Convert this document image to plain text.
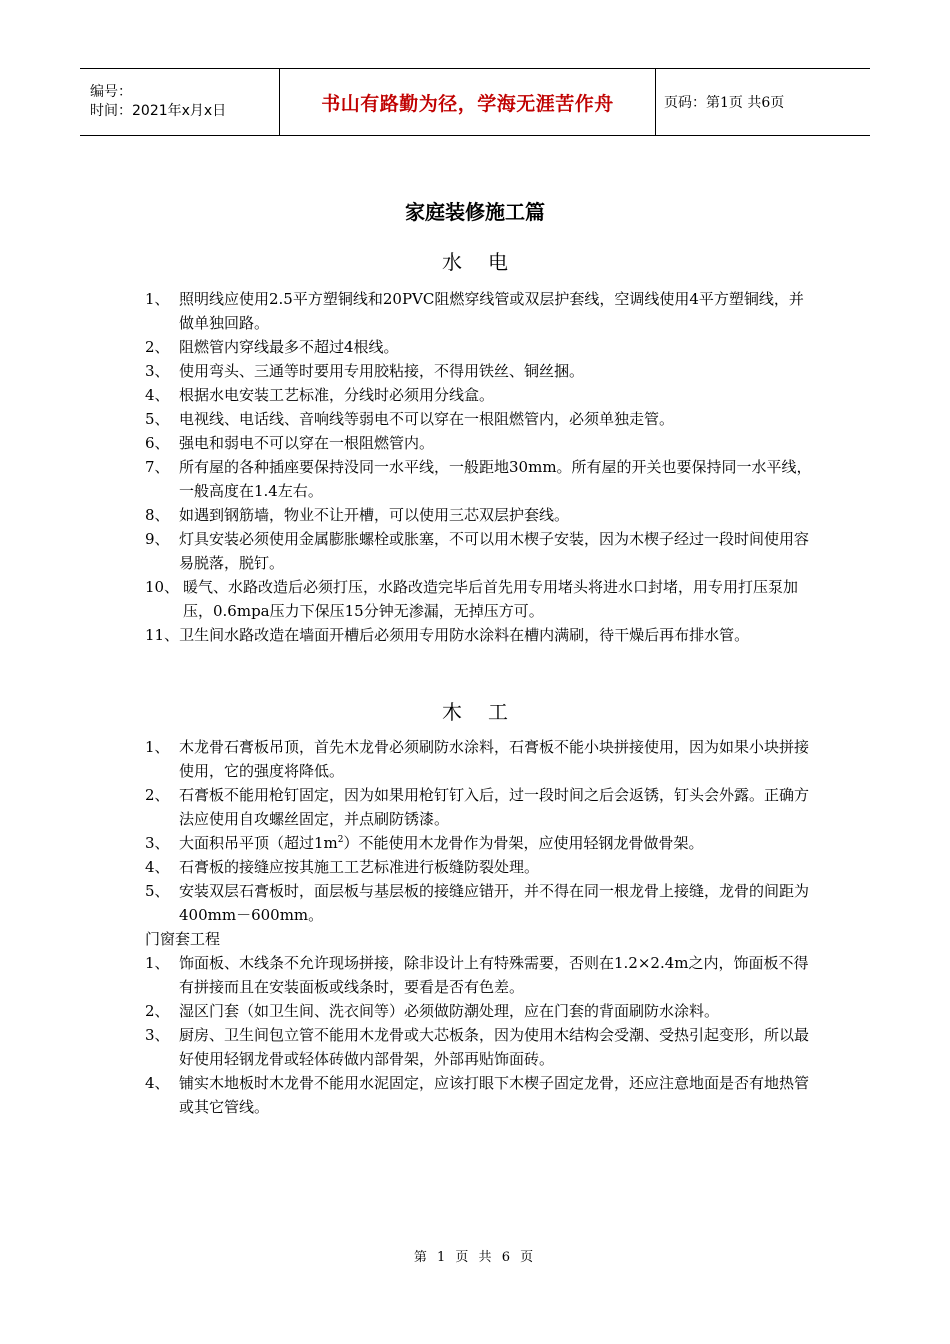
编号：
时间：2021年x月x日	书山有路勤为径，学海无涯苦作舟	页码：第1页 共6页
家庭装修施工篇
水电
1、 照明线应使用2.5平方塑铜线和20PVC阻燃穿线管或双层护套线，空调线使用4平方塑铜线，并做单独回路。
2、 阻燃管内穿线最多不超过4根线。
3、 使用弯头、三通等时要用专用胶粘接，不得用铁丝、铜丝捆。
4、 根据水电安装工艺标准，分线时必须用分线盒。
5、 电视线、电话线、音响线等弱电不可以穿在一根阻燃管内，必须单独走管。
6、 强电和弱电不可以穿在一根阻燃管内。
7、 所有屋的各种插座要保持没同一水平线，一般距地30mm。所有屋的开关也要保持同一水平线，一般高度在1.4左右。
8、 如遇到钢筋墙，物业不让开槽，可以使用三芯双层护套线。
9、 灯具安装必须使用金属膨胀螺栓或胀塞，不可以用木楔子安装，因为木楔子经过一段时间使用容易脱落，脱钉。
10、 暖气、水路改造后必须打压，水路改造完毕后首先用专用堵头将进水口封堵，用专用打压泵加压，0.6mpa压力下保压15分钟无渗漏，无掉压方可。
11、卫生间水路改造在墙面开槽后必须用专用防水涂料在槽内满刷，待干燥后再布排水管。
木工
1、 木龙骨石膏板吊顶，首先木龙骨必须刷防水涂料，石膏板不能小块拼接使用，因为如果小块拼接使用，它的强度将降低。
2、 石膏板不能用枪钉固定，因为如果用枪钉钉入后，过一段时间之后会返锈，钉头会外露。正确方法应使用自攻螺丝固定，并点刷防锈漆。
3、 大面积吊平顶（超过$1m^2$）不能使用木龙骨作为骨架，应使用轻钢龙骨做骨架。
4、 石膏板的接缝应按其施工工艺标准进行板缝防裂处理。
5、 安装双层石膏板时，面层板与基层板的接缝应错开，并不得在同一根龙骨上接缝，龙骨的间距为400mm－600mm。
门窗套工程
1、 饰面板、木线条不允许现场拼接，除非设计上有特殊需要，否则在1.2×2.4m之内，饰面板不得有拼接而且在安装面板或线条时，要看是否有色差。
2、 湿区门套（如卫生间、洗衣间等）必须做防潮处理，应在门套的背面刷防水涂料。
3、 厨房、卫生间包立管不能用木龙骨或大芯板条，因为使用木结构会受潮、受热引起变形，所以最好使用轻钢龙骨或轻体砖做内部骨架，外部再贴饰面砖。
4、 铺实木地板时木龙骨不能用水泥固定，应该打眼下木楔子固定龙骨，还应注意地面是否有地热管或其它管线。
第 1 页 共 6 页
